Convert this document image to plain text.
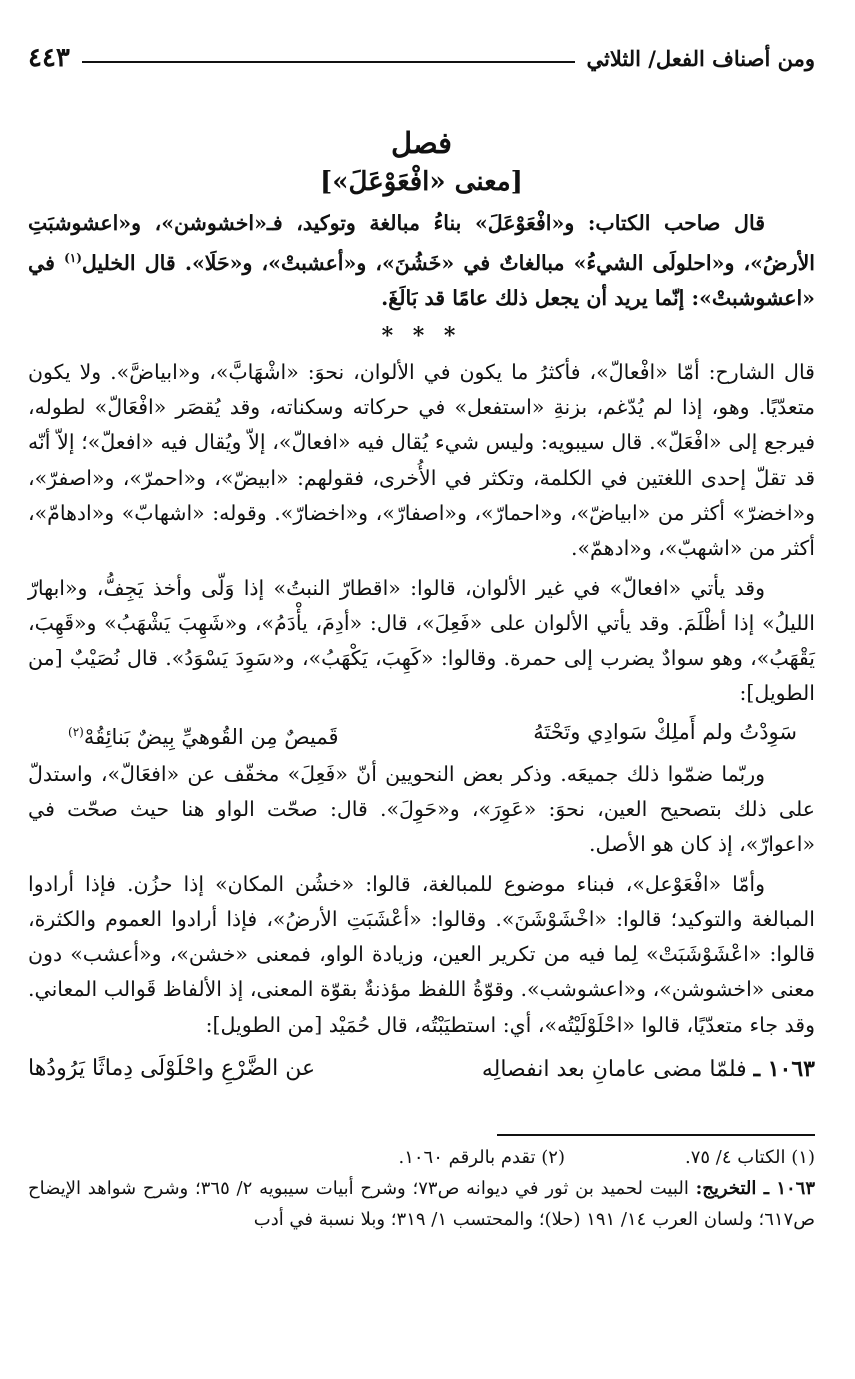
ومن أصناف الفعل/ الثلاثي
٤٤٣
فصل
[معنى «افْعَوْعَلَ»]

قال صاحب الكتاب: و«افْعَوْعَلَ» بناءُ مبالغة وتوكيد، فـ«اخشوشن»، و«اعشوشبَتِ الأرضُ»، و«احلولَى الشيءُ» مبالغاتٌ في «خَشُنَ»، و«أعشبتْ»، و«حَلَا». قال الخليل$^{(١)}$ في «اعشوشبتْ»: إنّما يريد أن يجعل ذلك عامًا قد بَالَغَ.

* * *

قال الشارح: أمّا «افْعالّ»، فأكثرُ ما يكون في الألوان، نحوَ: «اشْهَابَّ»، و«ابياضَّ». ولا يكون متعدّيًا. وهو، إذا لم يُدّغم، بزنةِ «استفعل» في حركاته وسكناته، وقد يُقصَر «افْعَالّ» لطوله، فيرجع إلى «افْعَلّ». قال سيبويه: وليس شيء يُقال فيه «افعالّ»، إلاّ ويُقال فيه «افعلّ»؛ إلاّ أنّه قد تقلّ إحدى اللغتين في الكلمة، وتكثر في الأُخرى، فقولهم: «ابيضّ»، و«احمرّ»، و«اصفرّ»، و«اخضرّ» أكثر من «ابياضّ»، و«احمارّ»، و«اصفارّ»، و«اخضارّ». وقوله: «اشهابّ» و«ادهامّ»، أكثر من «اشهبّ»، و«ادهمّ».

وقد يأتي «افعالّ» في غير الألوان، قالوا: «اقطارّ النبتُ» إذا وَلّى وأخذ يَجِفُّ، و«ابهارّ الليلُ» إذا أظْلَمَ. وقد يأتي الألوان على «فَعِلَ»، قال: «أدِمَ، يأْدَمُ»، و«شَهِبَ يَشْهَبُ» و«قَهِبَ، يَقْهَبُ»، وهو سوادٌ يضرب إلى حمرة. وقالوا: «كَهِبَ، يَكْهَبُ»، و«سَوِدَ يَسْوَدُ». قال نُصَيْبٌ [من الطويل]:

سَوِدْتُ ولم أَملِكْ سَوادِي وتَحْتَهُ
قَميصٌ مِن القُوهيِّ بِيضٌ بَنائِقُهْ$^{(٢)}$

وربّما ضمّوا ذلك جميعَه. وذكر بعض النحويين أنّ «فَعِلَ» مخفّف عن «افعَالّ»، واستدلّ على ذلك بتصحيح العين، نحوَ: «عَوِرَ»، و«حَوِلَ». قال: صحّت الواو هنا حيث صحّت في «اعوارّ»، إذ كان هو الأصل.

وأمّا «افْعَوْعل»، فبناء موضوع للمبالغة، قالوا: «خشُن المكان» إذا حزُن. فإذا أرادوا المبالغة والتوكيد؛ قالوا: «اخْشَوْشَنَ». وقالوا: «أعْشَبَتِ الأرضُ»، فإذا أرادوا العموم والكثرة، قالوا: «اعْشَوْشَبَتْ» لِما فيه من تكرير العين، وزيادة الواو، فمعنى «خشن»، و«أعشب» دون معنى «اخشوشن»، و«اعشوشب». وقوّةُ اللفظ مؤذنةٌ بقوّة المعنى، إذ الألفاظ قَوالب المعاني. وقد جاء متعدّيًا، قالوا «احْلَوْلَيْتُه»، أي: استطيَبْتُه، قال حُمَيْد [من الطويل]:

١٠٦٣ ـ فلمّا مضى عامانِ بعد انفصالِه
عن الضَّرْعِ واحْلَوْلَى دِماثًا يَرُودُها
(١) الكتاب ٤/ ٧٥.
(٢) تقدم بالرقم ١٠٦٠.

١٠٦٣ ـ التخريج: البيت لحميد بن ثور في ديوانه ص٧٣؛ وشرح أبيات سيبويه ٢/ ٣٦٥؛ وشرح شواهد الإيضاح ص٦١٧؛ ولسان العرب ١٤/ ١٩١ (حلا)؛ والمحتسب ١/ ٣١٩؛ وبلا نسبة في أدب
